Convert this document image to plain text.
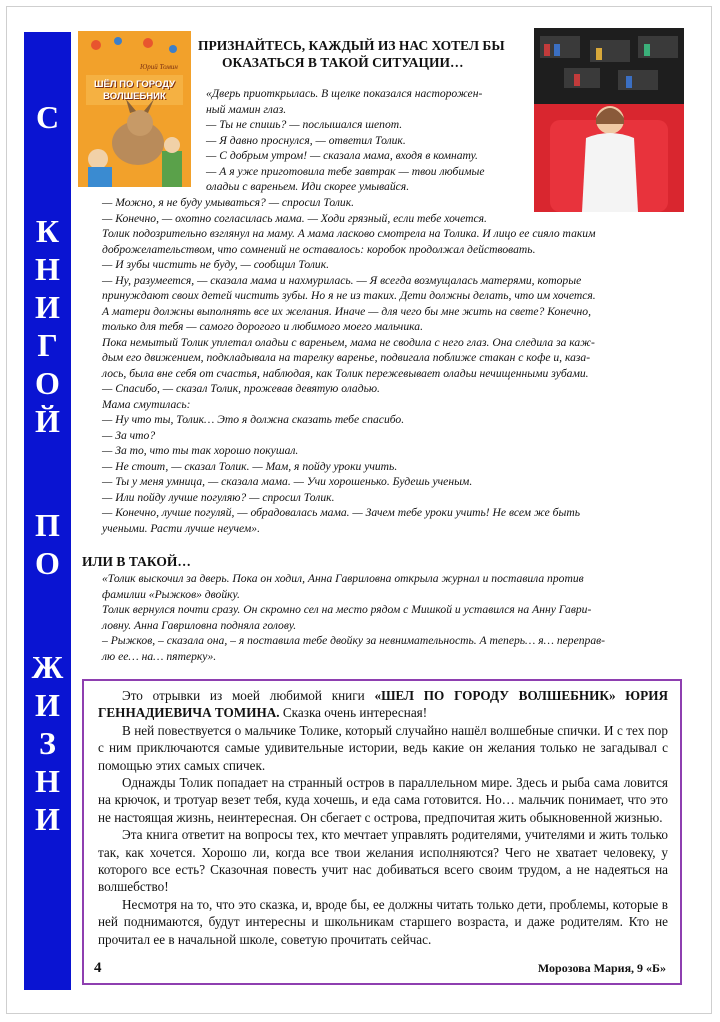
С
К
Н
И
Г
О
Й
П
О
Ж
И
З
Н
И
Юрий Томин
ШЁЛ ПО ГОРОДУ
ВОЛШЕБНИК
ПРИЗНАЙТЕСЬ, КАЖДЫЙ ИЗ НАС ХОТЕЛ БЫ
ОКАЗАТЬСЯ В ТАКОЙ СИТУАЦИИ…

«Дверь приоткрылась. В щелке показался насторожен-

ный мамин глаз.

— Ты не спишь? — послышался шепот.

— Я давно проснулся, — ответил Толик.

— С добрым утром! — сказала мама, входя в комнату.

— А я уже приготовила тебе завтрак — твои любимые

оладьи с вареньем. Иди скорее умывайся.

— Можно, я не буду умываться? — спросил Толик.

— Конечно, — охотно согласилась мама. — Ходи грязный, если тебе хочется.

Толик подозрительно взглянул на маму. А мама ласково смотрела на Толика. И лицо ее сияло таким

доброжелательством, что сомнений не оставалось: коробок продолжал действовать.

— И зубы чистить не буду, — сообщил Толик.

— Ну, разумеется, — сказала мама и нахмурилась. — Я всегда возмущалась матерями, которые

принуждают своих детей чистить зубы. Но я не из таких. Дети должны делать, что им хочется.

А матери должны выполнять все их желания. Иначе — для чего бы мне жить на свете? Конечно,

только для тебя — самого дорогого и любимого моего мальчика.

Пока немытый Толик уплетал оладьи с вареньем, мама не сводила с него глаз. Она следила за каж-

дым его движением, подкладывала на тарелку варенье, подвигала поближе стакан с кофе и, каза-

лось, была вне себя от счастья, наблюдая, как Толик пережевывает оладьи нечищенными зубами.

— Спасибо, — сказал Толик, прожевав девятую оладью.

Мама смутилась:

— Ну что ты, Толик… Это я должна сказать тебе спасибо.

— За что?

— За то, что ты так хорошо покушал.

— Не стоит, — сказал Толик. — Мам, я пойду уроки учить.

— Ты у меня умница, — сказала мама. — Учи хорошенько. Будешь ученым.

— Или пойду лучше погуляю? — спросил Толик.

— Конечно, лучше погуляй, — обрадовалась мама. — Зачем тебе уроки учить! Не всем же быть

учеными. Расти лучше неучем».

ИЛИ В ТАКОЙ…

«Толик выскочил за дверь. Пока он ходил, Анна Гавриловна открыла журнал и поставила против

фамилии «Рыжков» двойку.

Толик вернулся почти сразу. Он скромно сел на место рядом с Мишкой и уставился на Анну Гаври-

ловну. Анна Гавриловна подняла голову.

– Рыжков, – сказала она, – я поставила тебе двойку за невнимательность. А теперь… я… переправ-

лю ее… на… пятерку».

Это отрывки из моей любимой книги «ШЕЛ ПО ГОРОДУ ВОЛШЕБНИК» ЮРИЯ ГЕННАДИЕВИЧА ТОМИНА. Сказка очень интересная!

В ней повествуется о мальчике Толике, который случайно нашёл волшебные спички. И с тех пор с ним приключаются самые удивительные истории, ведь какие он желания только не загадывал с помощью этих самых спичек.

Однажды Толик попадает на странный остров в параллельном мире. Здесь и рыба сама ловится на крючок, и тротуар везет тебя, куда хочешь, и еда сама готовится. Но… мальчик понимает, что это не настоящая жизнь, неинтересная. Он сбегает с острова, предпочитая жить обыкновенной жизнью.

Эта книга ответит на вопросы тех, кто мечтает управлять родителями, учителями и жить только так, как хочется. Хорошо ли, когда все твои желания исполняются? Чего не хватает человеку, у которого все есть? Сказочная повесть учит нас добиваться всего своим трудом, а не надеяться на волшебство!

Несмотря на то, что это сказка, и, вроде бы, ее должны читать только дети, проблемы, которые в ней поднимаются, будут интересны и школьникам старшего возраста, и даже родителям. Кто не прочитал ее в начальной школе, советую прочитать сейчас.

4	Морозова Мария, 9 «Б»
